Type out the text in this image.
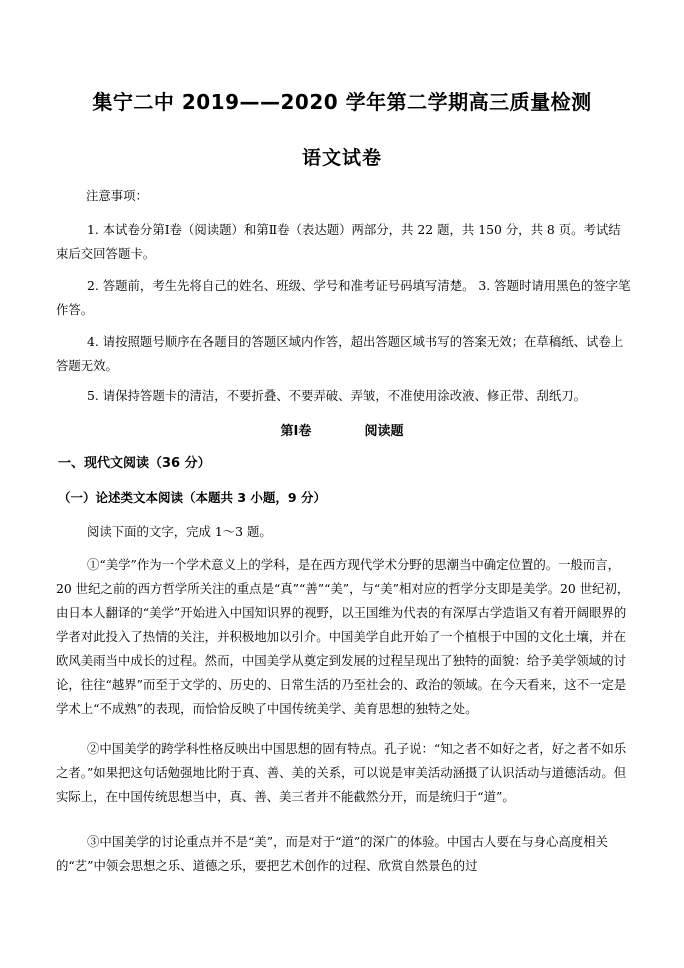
集宁二中 2019——2020 学年第二学期高三质量检测
语文试卷
注意事项：
1. 本试卷分第Ⅰ卷（阅读题）和第Ⅱ卷（表达题）两部分，共 22 题，共 150 分，共 8 页。考试结束后交回答题卡。
2. 答题前，考生先将自己的姓名、班级、学号和准考证号码填写清楚。 3. 答题时请用黑色的签字笔作答。
4. 请按照题号顺序在各题目的答题区域内作答，超出答题区域书写的答案无效；在草稿纸、试卷上答题无效。
5. 请保持答题卡的清洁，不要折叠、不要弄破、弄皱，不准使用涂改液、修正带、刮纸刀。
第Ⅰ卷	阅读题
一、现代文阅读（36 分）
（一）论述类文本阅读（本题共 3 小题，9 分）
阅读下面的文字，完成 1～3 题。
①“美学”作为一个学术意义上的学科，是在西方现代学术分野的思潮当中确定位置的。一般而言，20 世纪之前的西方哲学所关注的重点是“真”“善”“美”，与“美”相对应的哲学分支即是美学。20 世纪初，由日本人翻译的“美学”开始进入中国知识界的视野，以王国维为代表的有深厚古学造诣又有着开阔眼界的学者对此投入了热情的关注，并积极地加以引介。中国美学自此开始了一个植根于中国的文化土壤，并在欧风美雨当中成长的过程。然而，中国美学从奠定到发展的过程呈现出了独特的面貌：给予美学领域的讨论，往往“越界”而至于文学的、历史的、日常生活的乃至社会的、政治的领域。在今天看来，这不一定是学术上“不成熟”的表现，而恰恰反映了中国传统美学、美育思想的独特之处。
②中国美学的跨学科性格反映出中国思想的固有特点。孔子说：“知之者不如好之者，好之者不如乐之者。”如果把这句话勉强地比附于真、善、美的关系，可以说是审美活动涵摄了认识活动与道德活动。但实际上，在中国传统思想当中，真、善、美三者并不能截然分开，而是统归于“道”。
③中国美学的讨论重点并不是“美”，而是对于“道”的深广的体验。中国古人要在与身心高度相关的“艺”中领会思想之乐、道德之乐，要把艺术创作的过程、欣赏自然景色的过
